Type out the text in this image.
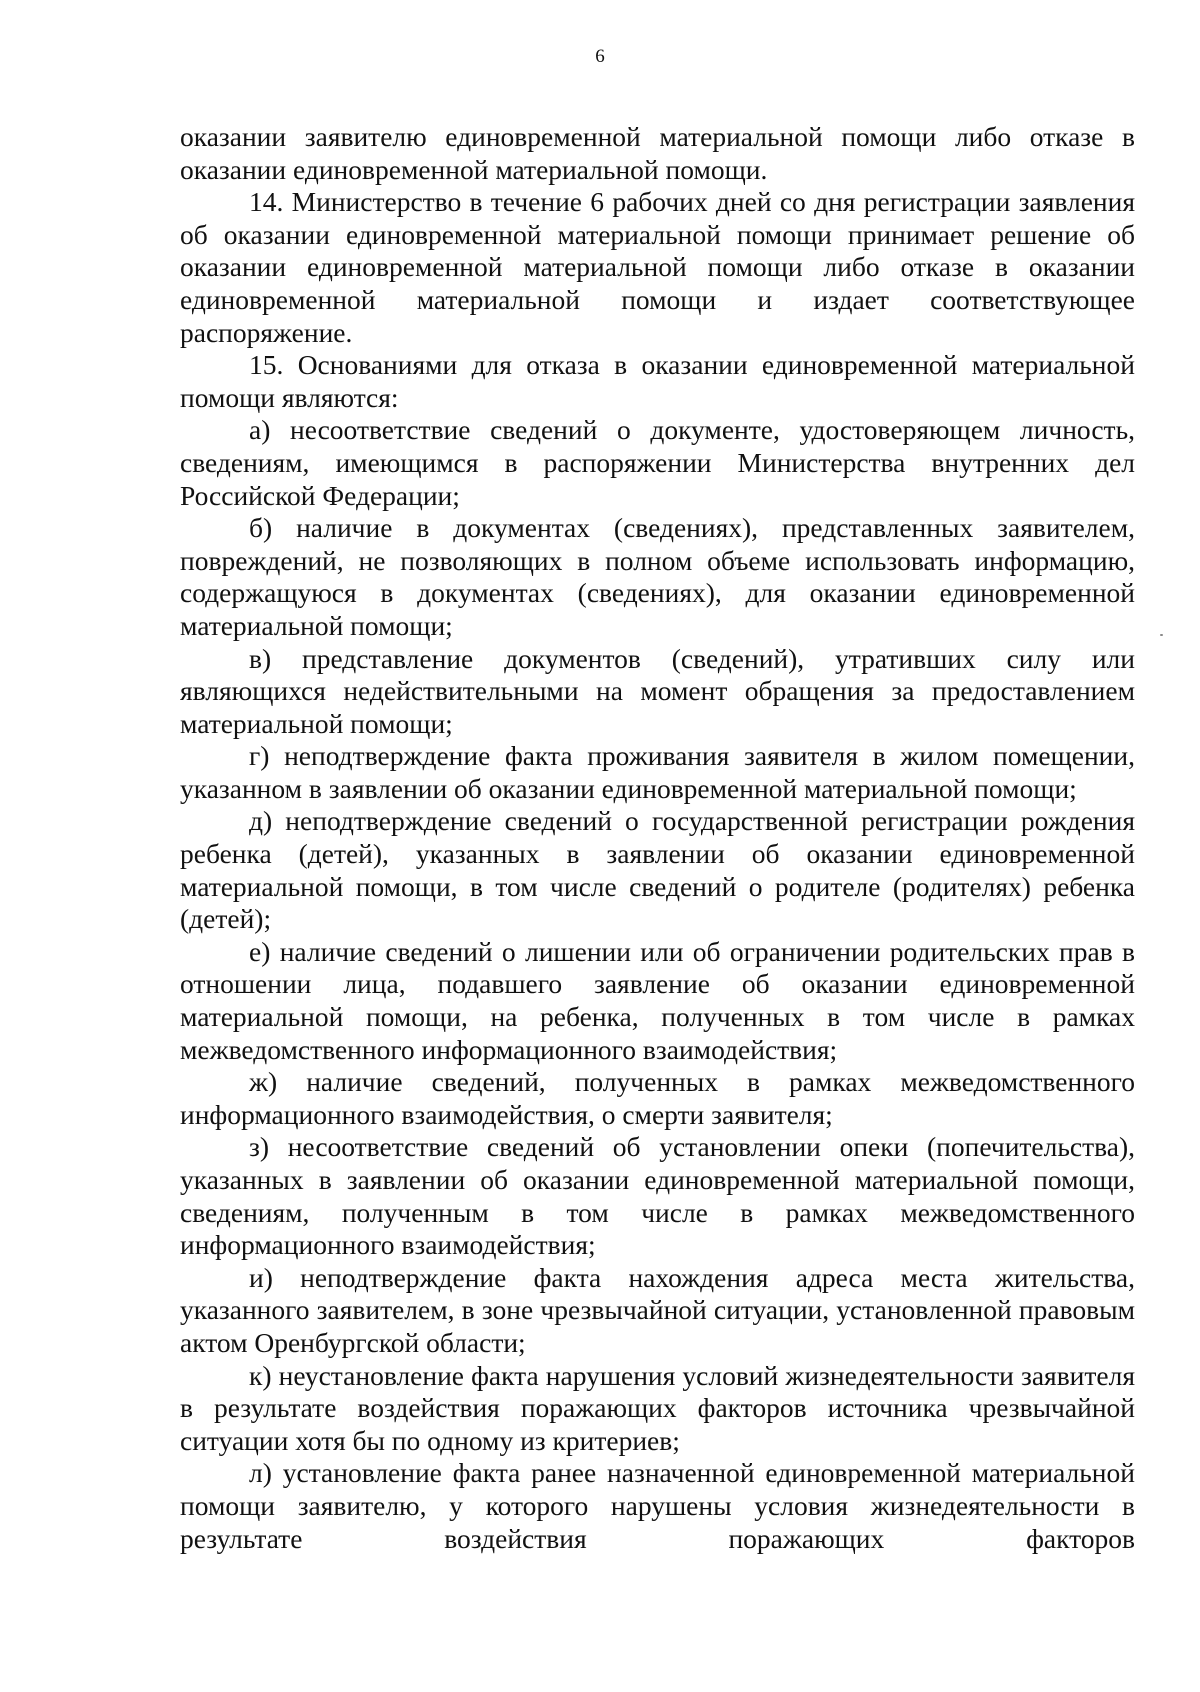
6

оказании заявителю единовременной материальной помощи либо отказе в оказании единовременной материальной помощи.

14. Министерство в течение 6 рабочих дней со дня регистрации заявления об оказании единовременной материальной помощи принимает решение об оказании единовременной материальной помощи либо отказе в оказании единовременной материальной помощи и издает соответствующее распоряжение.

15. Основаниями для отказа в оказании единовременной материальной помощи являются:

а) несоответствие сведений о документе, удостоверяющем личность, сведениям, имеющимся в распоряжении Министерства внутренних дел Российской Федерации;

б) наличие в документах (сведениях), представленных заявителем, повреждений, не позволяющих в полном объеме использовать информацию, содержащуюся в документах (сведениях), для оказании единовременной материальной помощи;

в) представление документов (сведений), утративших силу или являющихся недействительными на момент обращения за предоставлением материальной помощи;

г) неподтверждение факта проживания заявителя в жилом помещении, указанном в заявлении об оказании единовременной материальной помощи;

д) неподтверждение сведений о государственной регистрации рождения ребенка (детей), указанных в заявлении об оказании единовременной материальной помощи, в том числе сведений о родителе (родителях) ребенка (детей);

е) наличие сведений о лишении или об ограничении родительских прав в отношении лица, подавшего заявление об оказании единовременной материальной помощи, на ребенка, полученных в том числе в рамках межведомственного информационного взаимодействия;

ж) наличие сведений, полученных в рамках межведомственного информационного взаимодействия, о смерти заявителя;

з) несоответствие сведений об установлении опеки (попечительства), указанных в заявлении об оказании единовременной материальной помощи, сведениям, полученным в том числе в рамках межведомственного информационного взаимодействия;

и) неподтверждение факта нахождения адреса места жительства, указанного заявителем, в зоне чрезвычайной ситуации, установленной правовым актом Оренбургской области;

к) неустановление факта нарушения условий жизнедеятельности заявителя в результате воздействия поражающих факторов источника чрезвычайной ситуации хотя бы по одному из критериев;

л) установление факта ранее назначенной единовременной материальной помощи заявителю, у которого нарушены условия жизнедеятельности в результате воздействия поражающих факторов
